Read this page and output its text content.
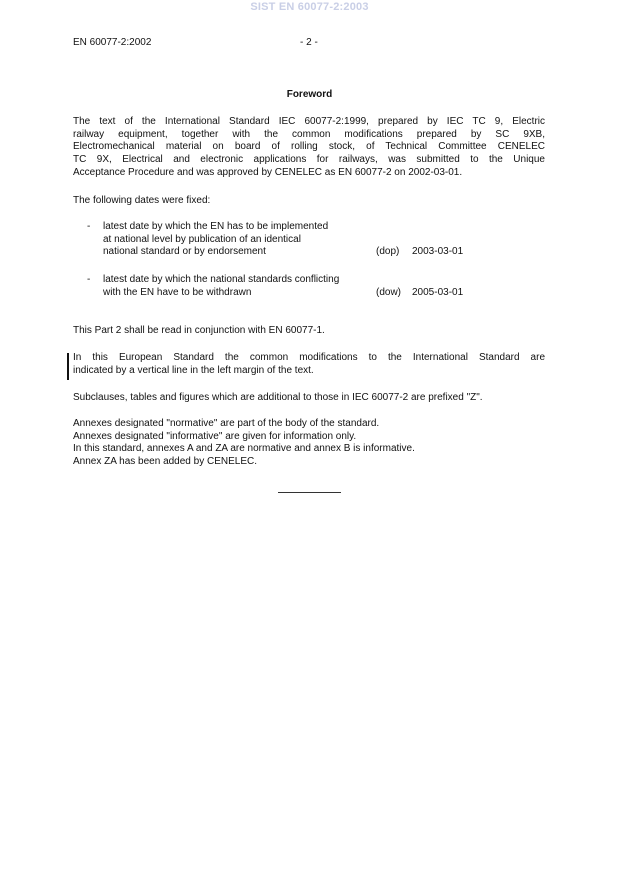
SIST EN 60077-2:2003
EN 60077-2:2002	- 2 -
Foreword
The text of the International Standard IEC 60077-2:1999, prepared by IEC TC 9, Electric
railway equipment, together with the common modifications prepared by SC 9XB,
Electromechanical material on board of rolling stock, of Technical Committee CENELEC
TC 9X, Electrical and electronic applications for railways, was submitted to the Unique
Acceptance Procedure and was approved by CENELEC as EN 60077-2 on 2002-03-01.
The following dates were fixed:
- latest date by which the EN has to be implemented
at national level by publication of an identical
national standard or by endorsement	(dop) 2003-03-01
- latest date by which the national standards conflicting
with the EN have to be withdrawn	(dow) 2005-03-01
This Part 2 shall be read in conjunction with EN 60077-1.
In this European Standard the common modifications to the International Standard are
indicated by a vertical line in the left margin of the text.
Subclauses, tables and figures which are additional to those in IEC 60077-2 are prefixed "Z".
Annexes designated "normative" are part of the body of the standard.
Annexes designated "informative" are given for information only.
In this standard, annexes A and ZA are normative and annex B is informative.
Annex ZA has been added by CENELEC.
